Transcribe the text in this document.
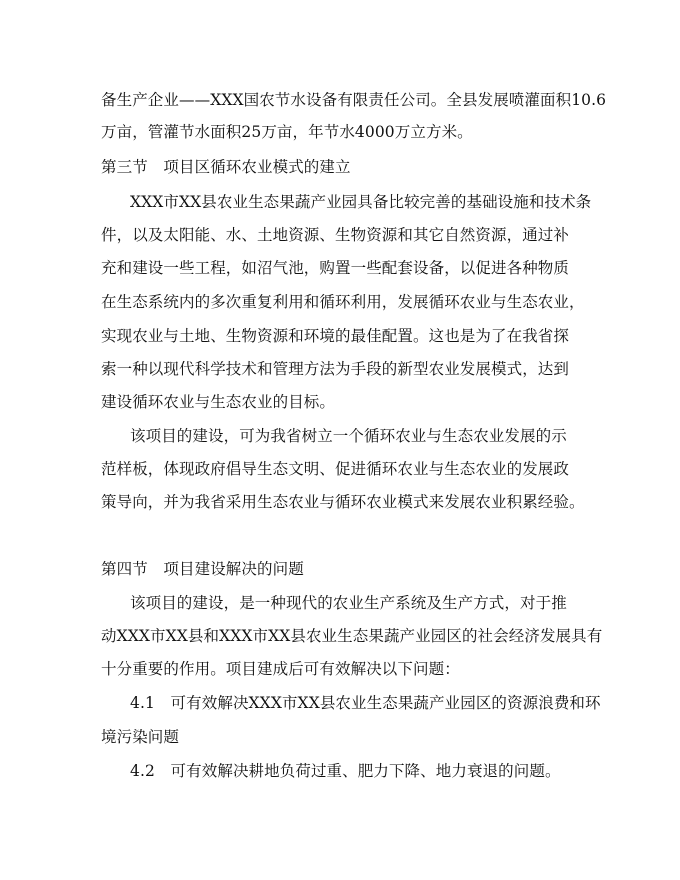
备生产企业——XXX国农节水设备有限责任公司。全县发展喷灌面积10.6
万亩，管灌节水面积25万亩，年节水4000万立方米。
第三节　项目区循环农业模式的建立
XXX市XX县农业生态果蔬产业园具备比较完善的基础设施和技术条
件，以及太阳能、水、土地资源、生物资源和其它自然资源，通过补
充和建设一些工程，如沼气池，购置一些配套设备，以促进各种物质
在生态系统内的多次重复利用和循环利用，发展循环农业与生态农业，
实现农业与土地、生物资源和环境的最佳配置。这也是为了在我省探
索一种以现代科学技术和管理方法为手段的新型农业发展模式，达到
建设循环农业与生态农业的目标。
该项目的建设，可为我省树立一个循环农业与生态农业发展的示
范样板，体现政府倡导生态文明、促进循环农业与生态农业的发展政
策导向，并为我省采用生态农业与循环农业模式来发展农业积累经验。
第四节　项目建设解决的问题
该项目的建设，是一种现代的农业生产系统及生产方式，对于推
动XXX市XX县和XXX市XX县农业生态果蔬产业园区的社会经济发展具有
十分重要的作用。项目建成后可有效解决以下问题：
4.1　可有效解决XXX市XX县农业生态果蔬产业园区的资源浪费和环
境污染问题
4.2　可有效解决耕地负荷过重、肥力下降、地力衰退的问题。
